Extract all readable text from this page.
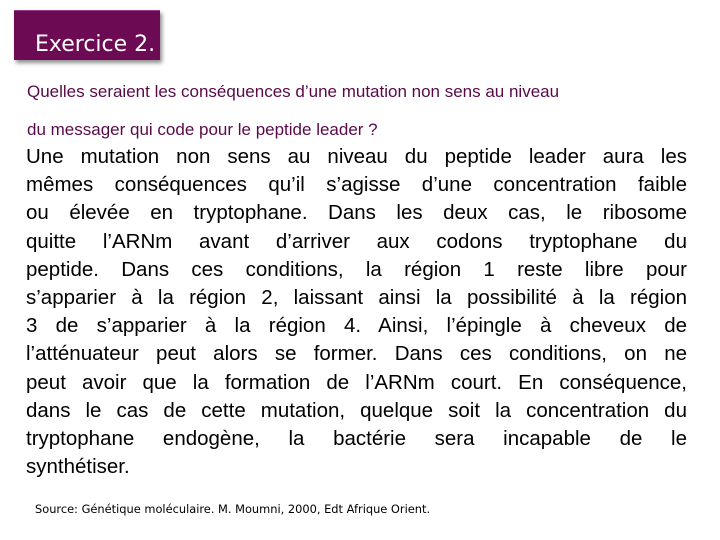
Exercice 2.
Quelles seraient les conséquences d’une mutation non sens au niveau
du messager qui code pour le peptide leader ?
Une mutation non sens au niveau du peptide leader aura les
mêmes conséquences qu’il s’agisse d’une concentration faible
ou élevée en tryptophane. Dans les deux cas, le ribosome
quitte l’ARNm avant d’arriver aux codons tryptophane du
peptide. Dans ces conditions, la région 1 reste libre pour
s’apparier à la région 2, laissant ainsi la possibilité à la région
3 de s’apparier à la région 4. Ainsi, l’épingle à cheveux de
l’atténuateur peut alors se former. Dans ces conditions, on ne
peut avoir que la formation de l’ARNm court. En conséquence,
dans le cas de cette mutation, quelque soit la concentration du
tryptophane endogène, la bactérie sera incapable de le
synthétiser.
Source: Génétique moléculaire. M. Moumni, 2000, Edt Afrique Orient.
